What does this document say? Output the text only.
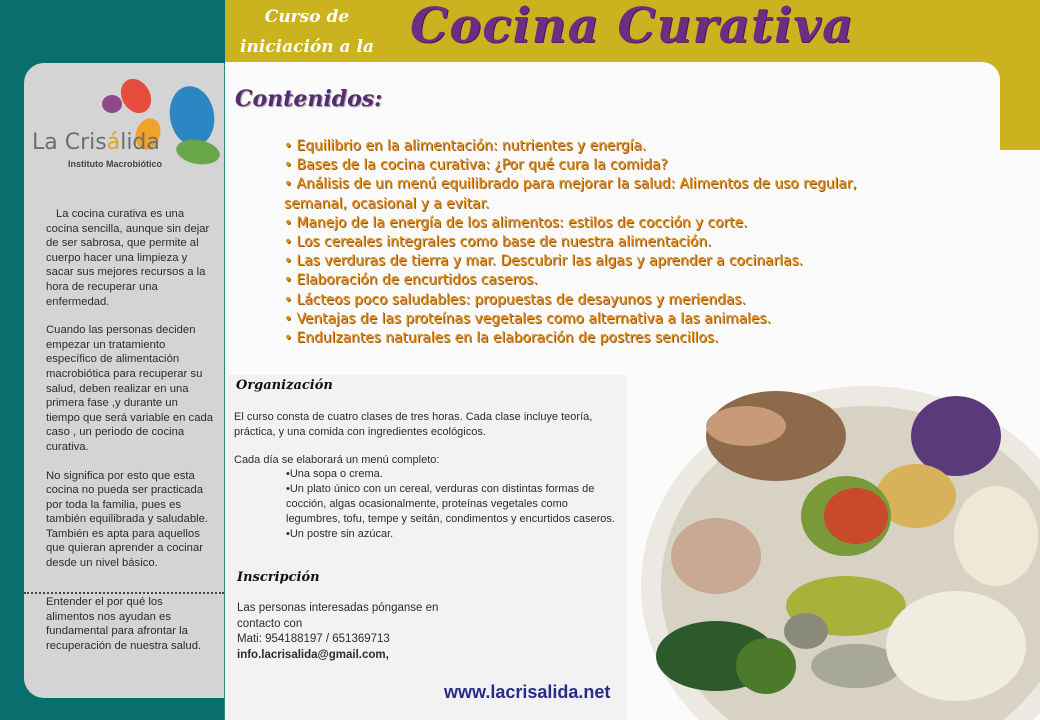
Curso de iniciación a la Cocina Curativa
La Crisálida
Instituto Macrobiótico

La cocina curativa es una cocina sencilla, aunque sin dejar de ser sabrosa, que permite al cuerpo hacer una limpieza y sacar sus mejores recursos a la hora de recuperar una enfermedad.

Cuando las personas deciden empezar un tratamiento específico de alimentación macrobiótica para recuperar su salud, deben realizar en una primera fase ,y durante un tiempo que será variable en cada caso , un periodo de cocina curativa.

No significa por esto que esta cocina no pueda ser practicada por toda la familia, pues es también equilibrada y saludable. También es apta para aquellos que quieran aprender a cocinar desde un nivel básico.

Entender el por qué los alimentos nos ayudan es fundamental para afrontar la recuperación de nuestra salud.
Contenidos:
• Equilibrio en la alimentación: nutrientes y energía.
• Bases de la cocina curativa: ¿Por qué cura la comida?
• Análisis de un menú equilibrado para mejorar la salud: Alimentos de uso regular, semanal, ocasional y a evitar.
• Manejo de la energía de los alimentos: estilos de cocción y corte.
• Los cereales integrales como base de nuestra alimentación.
• Las verduras de tierra y mar. Descubrir las algas y aprender a cocinarlas.
• Elaboración de encurtidos caseros.
• Lácteos poco saludables: propuestas de desayunos y meriendas.
• Ventajas de las proteínas vegetales como alternativa a las animales.
• Endulzantes naturales en la elaboración de postres sencillos.
Organización

El curso consta de cuatro clases de tres horas. Cada clase incluye teoría, práctica, y una comida con ingredientes ecológicos.

Cada día se elaborará un menú completo:

•Una sopa o crema.
•Un plato único con un cereal, verduras con distintas formas de cocción, algas ocasionalmente, proteínas vegetales como legumbres, tofu, tempe y seitán, condimentos y encurtidos caseros.
•Un postre sin azúcar.
Inscripción
Las personas interesadas pónganse en contacto con
Mati: 954188197 / 651369713
info.lacrisalida@gmail.com,
www.lacrisalida.net
